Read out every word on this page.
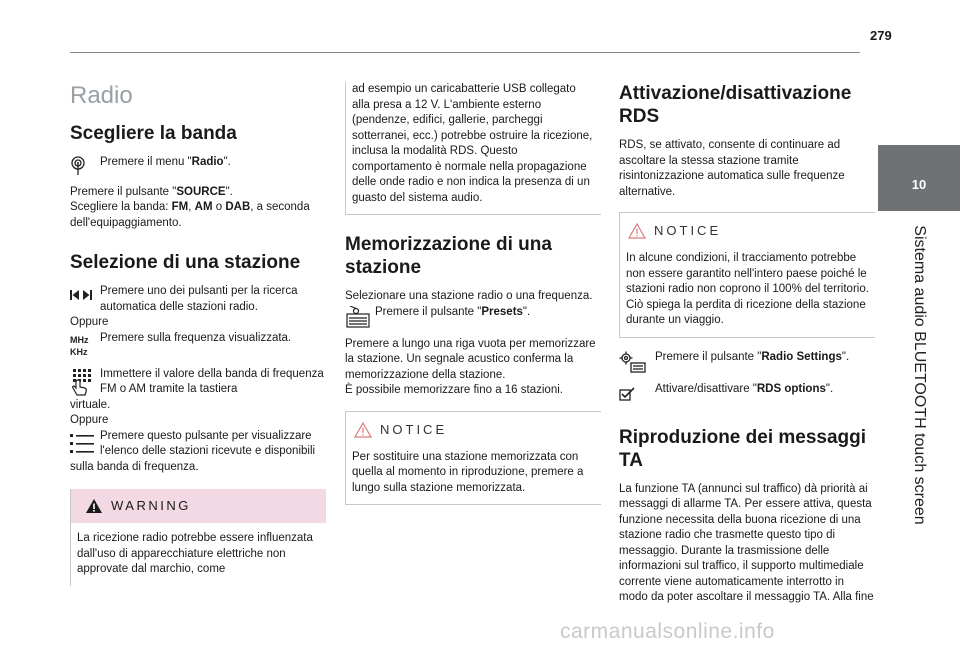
279
10
Sistema audio BLUETOOTH touch screen
Radio
Scegliere la banda

Premere il menu "Radio".

Premere il pulsante "SOURCE".

Scegliere la banda: FM, AM o DAB, a seconda dell'equipaggiamento.

Selezione di una stazione

Premere uno dei pulsanti per la ricerca automatica delle stazioni radio.

Oppure

MHz
KHz

Premere sulla frequenza visualizzata.

Immettere il valore della banda di frequenza FM o AM tramite la tastiera

virtuale.

Oppure

Premere questo pulsante per visualizzare l'elenco delle stazioni ricevute e disponibili

sulla banda di frequenza.

WARNING
La ricezione radio potrebbe essere influenzata dall'uso di apparecchiature elettriche non approvate dal marchio, come
ad esempio un caricabatterie USB collegato alla presa a 12 V. L'ambiente esterno (pendenze, edifici, gallerie, parcheggi sotterranei, ecc.) potrebbe ostruire la ricezione, inclusa la modalità RDS. Questo comportamento è normale nella propagazione delle onde radio e non indica la presenza di un guasto del sistema audio.
Memorizzazione di una stazione

Selezionare una stazione radio o una frequenza.

Premere il pulsante "Presets".

Premere a lungo una riga vuota per memorizzare la stazione. Un segnale acustico conferma la memorizzazione della stazione.

È possibile memorizzare fino a 16 stazioni.

NOTICE
Per sostituire una stazione memorizzata con quella al momento in riproduzione, premere a lungo sulla stazione memorizzata.
Attivazione/disattivazione RDS

RDS, se attivato, consente di continuare ad ascoltare la stessa stazione tramite risintonizzazione automatica sulle frequenze alternative.

NOTICE
In alcune condizioni, il tracciamento potrebbe non essere garantito nell'intero paese poiché le stazioni radio non coprono il 100% del territorio. Ciò spiega la perdita di ricezione della stazione durante un viaggio.

Premere il pulsante "Radio Settings".

Attivare/disattivare "RDS options".

Riproduzione dei messaggi TA

La funzione TA (annunci sul traffico) dà priorità ai messaggi di allarme TA. Per essere attiva, questa funzione necessita della buona ricezione di una stazione radio che trasmette questo tipo di messaggio. Durante la trasmissione delle informazioni sul traffico, il supporto multimediale corrente viene automaticamente interrotto in modo da poter ascoltare il messaggio TA. Alla fine

carmanualsonline.info
